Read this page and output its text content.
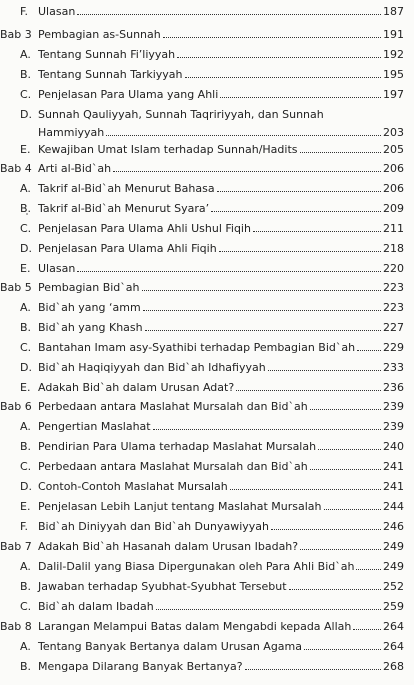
F. Ulasan	187
Bab 3 Pembagian as-Sunnah	191
A. Tentang Sunnah Fi’liyyah	192
B. Tentang Sunnah Tarkiyyah	195
C. Penjelasan Para Ulama yang Ahli	197
D. Sunnah Qauliyyah, Sunnah Taqririyyah, dan Sunnah
Hammiyyah	203
E. Kewajiban Umat Islam terhadap Sunnah/Hadits	205
Bab 4 Arti al-Bid`ah	206
A. Takrif al-Bid`ah Menurut Bahasa	206
B. Takrif al-Bid`ah Menurut Syara’	209
C. Penjelasan Para Ulama Ahli Ushul Fiqih	211
D. Penjelasan Para Ulama Ahli Fiqih	218
E. Ulasan	220
Bab 5 Pembagian Bid`ah	223
A. Bid`ah yang ‘amm	223
B. Bid`ah yang Khash	227
C. Bantahan Imam asy-Syathibi terhadap Pembagian Bid`ah	229
D. Bid`ah Haqiqiyyah dan Bid`ah Idhafiyyah	233
E. Adakah Bid`ah dalam Urusan Adat?	236
Bab 6 Perbedaan antara Maslahat Mursalah dan Bid`ah	239
A. Pengertian Maslahat	239
B. Pendirian Para Ulama terhadap Maslahat Mursalah	240
C. Perbedaan antara Maslahat Mursalah dan Bid`ah	241
D. Contoh-Contoh Maslahat Mursalah	241
E. Penjelasan Lebih Lanjut tentang Maslahat Mursalah	244
F. Bid`ah Diniyyah dan Bid`ah Dunyawiyyah	246
Bab 7 Adakah Bid`ah Hasanah dalam Urusan Ibadah?	249
A. Dalil-Dalil yang Biasa Dipergunakan oleh Para Ahli Bid`ah	249
B. Jawaban terhadap Syubhat-Syubhat Tersebut	252
C. Bid`ah dalam Ibadah	259
Bab 8 Larangan Melampui Batas dalam Mengabdi kepada Allah	264
A. Tentang Banyak Bertanya dalam Urusan Agama	264
B. Mengapa Dilarang Banyak Bertanya?	268
